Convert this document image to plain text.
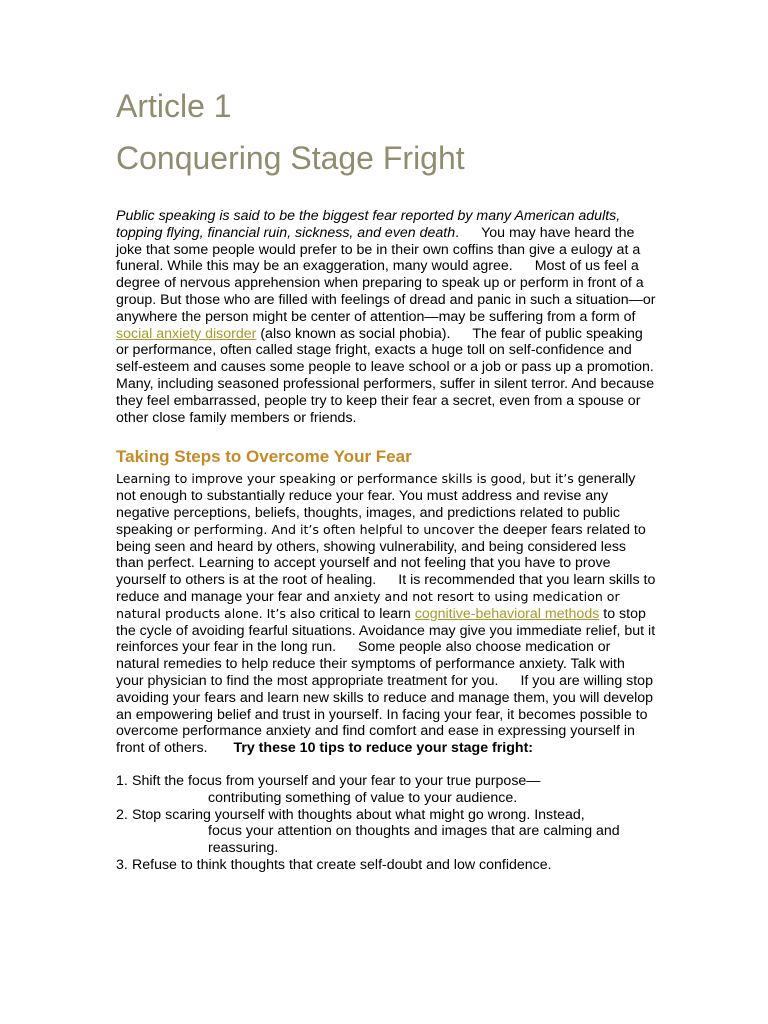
Article 1
Conquering Stage Fright

Public speaking is said to be the biggest fear reported by many American adults, topping flying, financial ruin, sickness, and even death. You may have heard the joke that some people would prefer to be in their own coffins than give a eulogy at a funeral. While this may be an exaggeration, many would agree. Most of us feel a degree of nervous apprehension when preparing to speak up or perform in front of a group. But those who are filled with feelings of dread and panic in such a situation—or anywhere the person might be center of attention—may be suffering from a form of social anxiety disorder (also known as social phobia). The fear of public speaking or performance, often called stage fright, exacts a huge toll on self-confidence and self-esteem and causes some people to leave school or a job or pass up a promotion. Many, including seasoned professional performers, suffer in silent terror. And because they feel embarrassed, people try to keep their fear a secret, even from a spouse or other close family members or friends.

Taking Steps to Overcome Your Fear

Learning to improve your speaking or performance skills is good, but it’s generally not enough to substantially reduce your fear. You must address and revise any negative perceptions, beliefs, thoughts, images, and predictions related to public speaking or performing. And it’s often helpful to uncover the deeper fears related to being seen and heard by others, showing vulnerability, and being considered less than perfect. Learning to accept yourself and not feeling that you have to prove yourself to others is at the root of healing. It is recommended that you learn skills to reduce and manage your fear and anxiety and not resort to using medication or natural products alone. It’s also critical to learn cognitive-behavioral methods to stop the cycle of avoiding fearful situations. Avoidance may give you immediate relief, but it reinforces your fear in the long run. Some people also choose medication or natural remedies to help reduce their symptoms of performance anxiety. Talk with your physician to find the most appropriate treatment for you. If you are willing stop avoiding your fears and learn new skills to reduce and manage them, you will develop an empowering belief and trust in yourself. In facing your fear, it becomes possible to overcome performance anxiety and find comfort and ease in expressing yourself in front of others. Try these 10 tips to reduce your stage fright:

1. Shift the focus from yourself and your fear to your true purpose—
contributing something of value to your audience.
2. Stop scaring yourself with thoughts about what might go wrong. Instead,

focus your attention on thoughts and images that are calming and reassuring.
3. Refuse to think thoughts that create self-doubt and low confidence.
